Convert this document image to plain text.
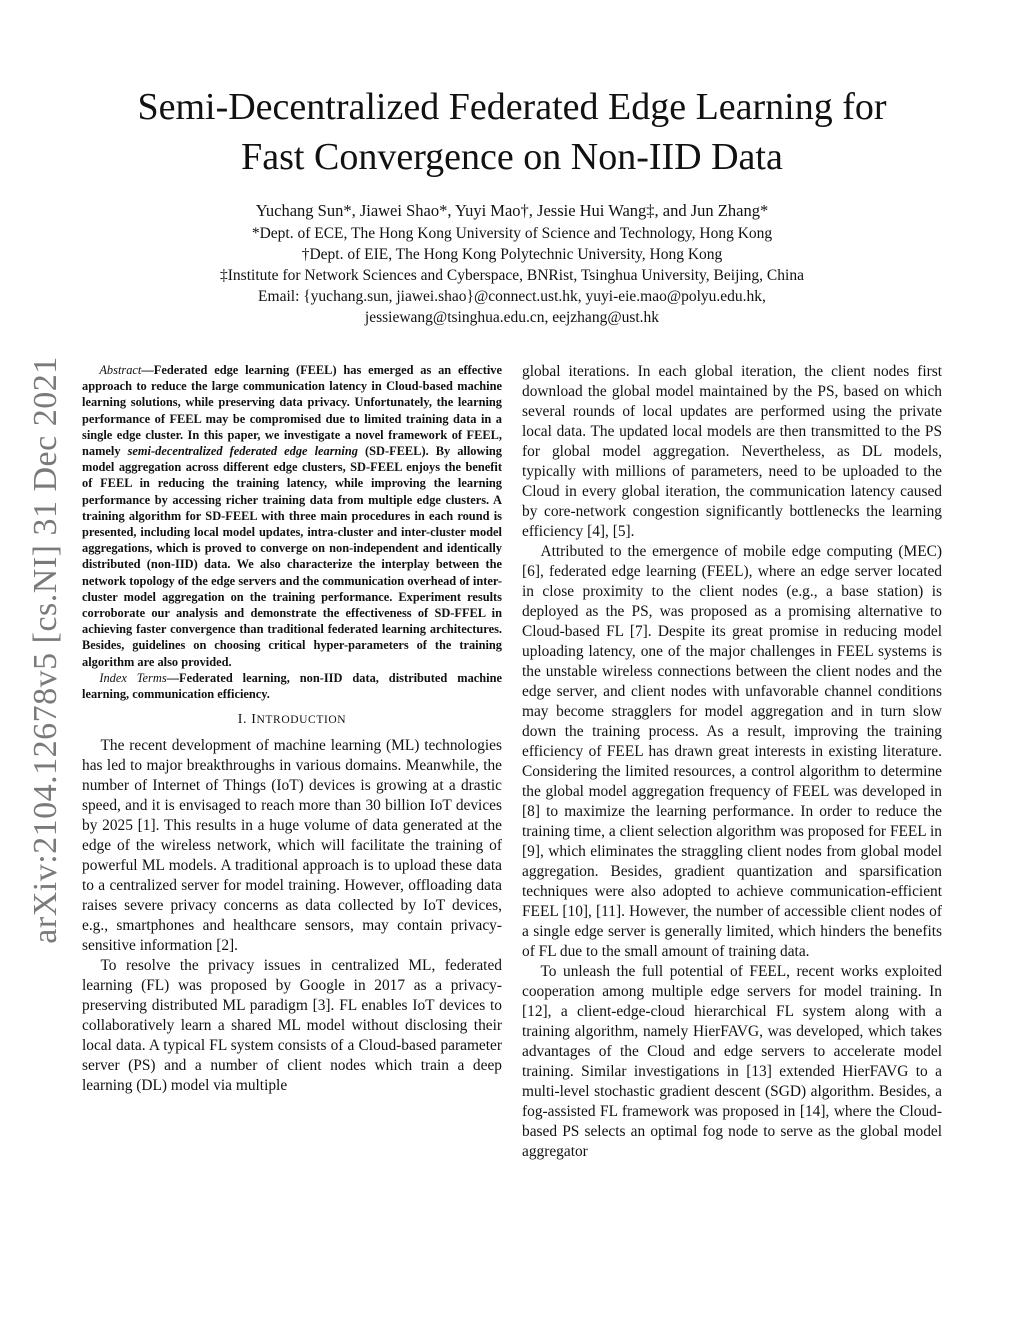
arXiv:2104.12678v5 [cs.NI] 31 Dec 2021
Semi-Decentralized Federated Edge Learning for
Fast Convergence on Non-IID Data
Yuchang Sun*, Jiawei Shao*, Yuyi Mao†, Jessie Hui Wang‡, and Jun Zhang*
*Dept. of ECE, The Hong Kong University of Science and Technology, Hong Kong
†Dept. of EIE, The Hong Kong Polytechnic University, Hong Kong
‡Institute for Network Sciences and Cyberspace, BNRist, Tsinghua University, Beijing, China
Email: {yuchang.sun, jiawei.shao}@connect.ust.hk, yuyi-eie.mao@polyu.edu.hk,
jessiewang@tsinghua.edu.cn, eejzhang@ust.hk

Abstract—Federated edge learning (FEEL) has emerged as an effective approach to reduce the large communication latency in Cloud-based machine learning solutions, while preserving data privacy. Unfortunately, the learning performance of FEEL may be compromised due to limited training data in a single edge cluster. In this paper, we investigate a novel framework of FEEL, namely semi-decentralized federated edge learning (SD-FEEL). By allowing model aggregation across different edge clusters, SD-FEEL enjoys the benefit of FEEL in reducing the training latency, while improving the learning performance by accessing richer training data from multiple edge clusters. A training algorithm for SD-FEEL with three main procedures in each round is presented, including local model updates, intra-cluster and inter-cluster model aggregations, which is proved to converge on non-independent and identically distributed (non-IID) data. We also characterize the interplay between the network topology of the edge servers and the communication overhead of inter-cluster model aggregation on the training performance. Experiment results corroborate our analysis and demonstrate the effectiveness of SD-FFEL in achieving faster convergence than traditional federated learning architectures. Besides, guidelines on choosing critical hyper-parameters of the training algorithm are also provided.

Index Terms—Federated learning, non-IID data, distributed machine learning, communication efficiency.

I. INTRODUCTION

The recent development of machine learning (ML) technologies has led to major breakthroughs in various domains. Meanwhile, the number of Internet of Things (IoT) devices is growing at a drastic speed, and it is envisaged to reach more than 30 billion IoT devices by 2025 [1]. This results in a huge volume of data generated at the edge of the wireless network, which will facilitate the training of powerful ML models. A traditional approach is to upload these data to a centralized server for model training. However, offloading data raises severe privacy concerns as data collected by IoT devices, e.g., smartphones and healthcare sensors, may contain privacy-sensitive information [2].

To resolve the privacy issues in centralized ML, federated learning (FL) was proposed by Google in 2017 as a privacy-preserving distributed ML paradigm [3]. FL enables IoT devices to collaboratively learn a shared ML model without disclosing their local data. A typical FL system consists of a Cloud-based parameter server (PS) and a number of client nodes which train a deep learning (DL) model via multiple

global iterations. In each global iteration, the client nodes first download the global model maintained by the PS, based on which several rounds of local updates are performed using the private local data. The updated local models are then transmitted to the PS for global model aggregation. Nevertheless, as DL models, typically with millions of parameters, need to be uploaded to the Cloud in every global iteration, the communication latency caused by core-network congestion significantly bottlenecks the learning efficiency [4], [5].

Attributed to the emergence of mobile edge computing (MEC) [6], federated edge learning (FEEL), where an edge server located in close proximity to the client nodes (e.g., a base station) is deployed as the PS, was proposed as a promising alternative to Cloud-based FL [7]. Despite its great promise in reducing model uploading latency, one of the major challenges in FEEL systems is the unstable wireless connections between the client nodes and the edge server, and client nodes with unfavorable channel conditions may become stragglers for model aggregation and in turn slow down the training process. As a result, improving the training efficiency of FEEL has drawn great interests in existing literature. Considering the limited resources, a control algorithm to determine the global model aggregation frequency of FEEL was developed in [8] to maximize the learning performance. In order to reduce the training time, a client selection algorithm was proposed for FEEL in [9], which eliminates the straggling client nodes from global model aggregation. Besides, gradient quantization and sparsification techniques were also adopted to achieve communication-efficient FEEL [10], [11]. However, the number of accessible client nodes of a single edge server is generally limited, which hinders the benefits of FL due to the small amount of training data.

To unleash the full potential of FEEL, recent works exploited cooperation among multiple edge servers for model training. In [12], a client-edge-cloud hierarchical FL system along with a training algorithm, namely HierFAVG, was developed, which takes advantages of the Cloud and edge servers to accelerate model training. Similar investigations in [13] extended HierFAVG to a multi-level stochastic gradient descent (SGD) algorithm. Besides, a fog-assisted FL framework was proposed in [14], where the Cloud-based PS selects an optimal fog node to serve as the global model aggregator
